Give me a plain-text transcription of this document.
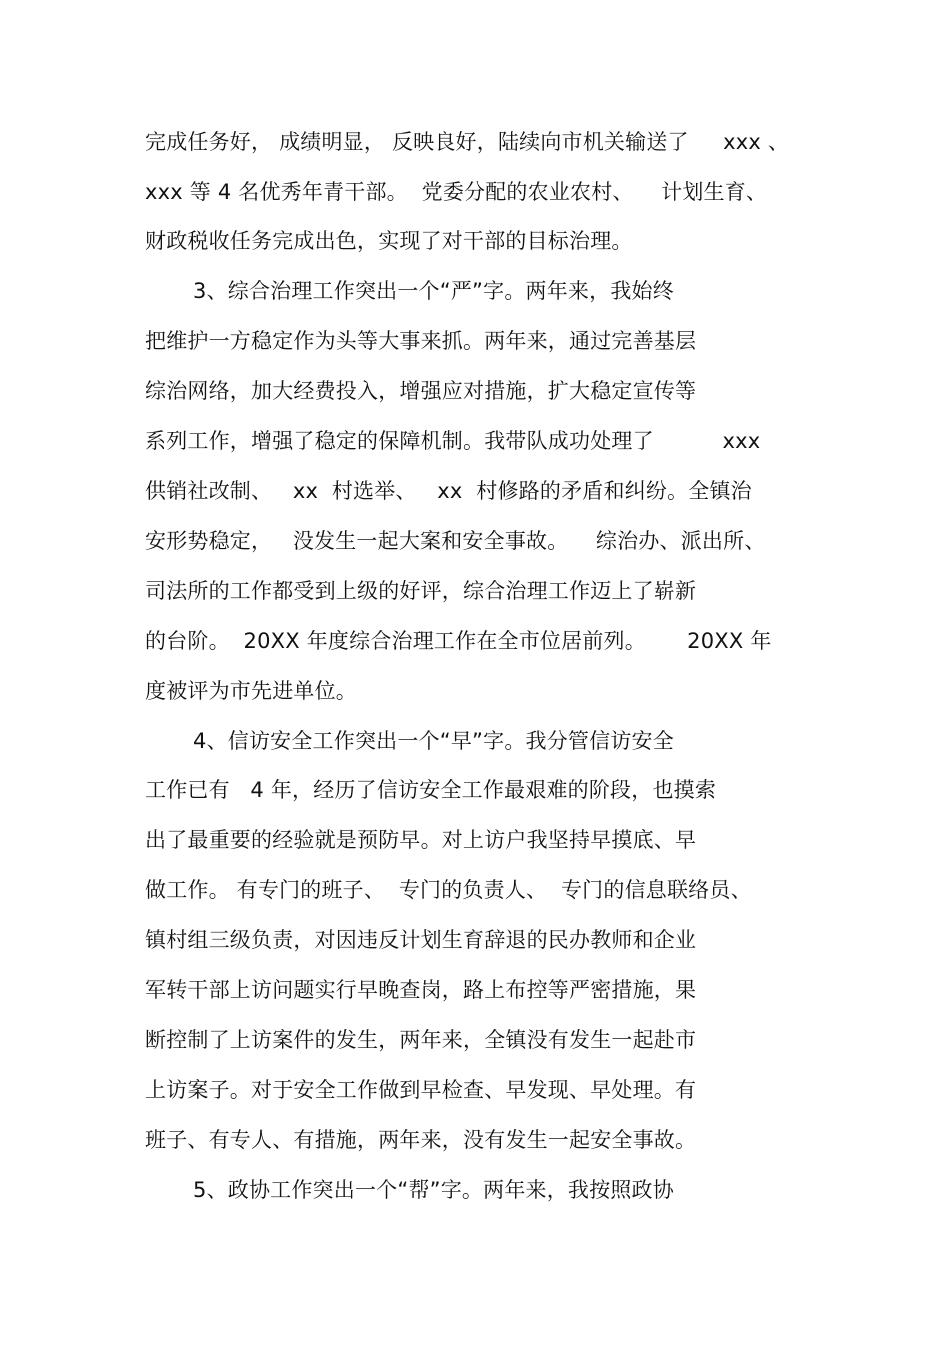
完成任务好， 成绩明显， 反映良好，陆续向市机关输送了     xxx 、
xxx 等 4 名优秀年青干部。  党委分配的农业农村、    计划生育、
财政税收任务完成出色，实现了对干部的目标治理。
3、综合治理工作突出一个“严”字。两年来，我始终
把维护一方稳定作为头等大事来抓。两年来，通过完善基层
综治网络，加大经费投入，增强应对措施，扩大稳定宣传等
系列工作，增强了稳定的保障机制。我带队成功处理了          xxx
供销社改制、   xx  村选举、   xx  村修路的矛盾和纠纷。全镇治
安形势稳定，   没发生一起大案和安全事故。    综治办、派出所、
司法所的工作都受到上级的好评，综合治理工作迈上了崭新
的台阶。  20XX 年度综合治理工作在全市位居前列。      20XX 年
度被评为市先进单位。
4、信访安全工作突出一个“早”字。我分管信访安全
工作已有   4 年，经历了信访安全工作最艰难的阶段，也摸索
出了最重要的经验就是预防早。对上访户我坚持早摸底、早
做工作。 有专门的班子、  专门的负责人、  专门的信息联络员、
镇村组三级负责，对因违反计划生育辞退的民办教师和企业
军转干部上访问题实行早晚查岗，路上布控等严密措施，果
断控制了上访案件的发生，两年来，全镇没有发生一起赴市
上访案子。对于安全工作做到早检查、早发现、早处理。有
班子、有专人、有措施，两年来，没有发生一起安全事故。
5、政协工作突出一个“帮”字。两年来，我按照政协
